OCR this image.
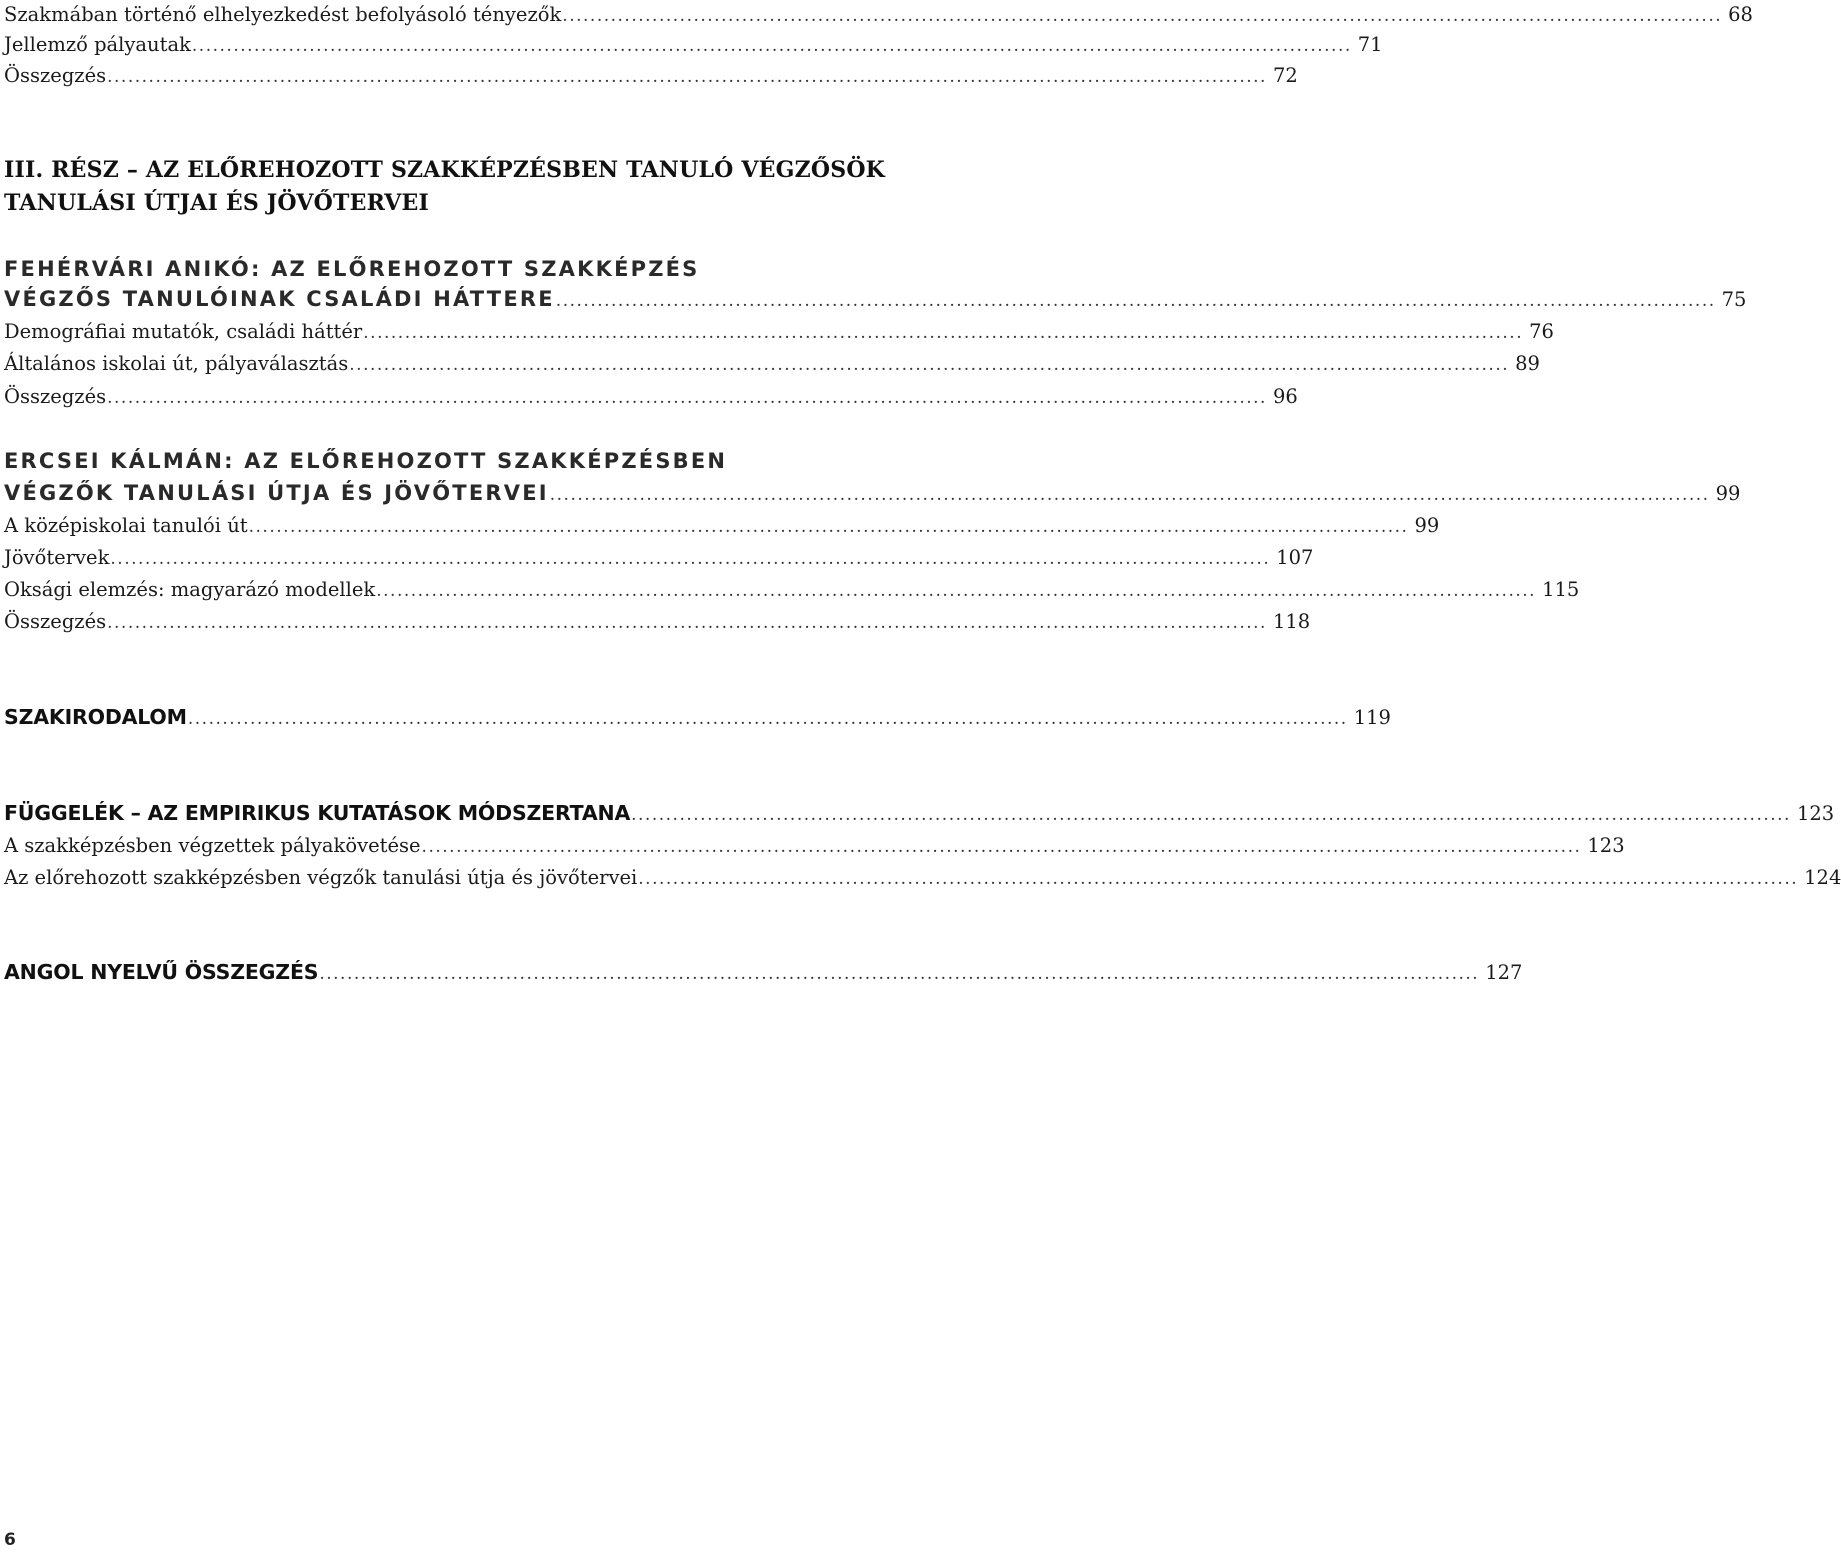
Szakmában történő elhelyezkedést befolyásoló tényezők ........................................................................................................................................................................ 68
Jellemző pályautak ........................................................................................................................................................................ 71
Összegzés ........................................................................................................................................................................ 72
III. RÉSZ – AZ ELŐREHOZOTT SZAKKÉPZÉSBEN TANULÓ VÉGZŐSÖK
TANULÁSI ÚTJAI ÉS JÖVŐTERVEI
FEHÉRVÁRI ANIKÓ: AZ ELŐREHOZOTT SZAKKÉPZÉS
VÉGZŐS TANULÓINAK CSALÁDI HÁTTERE ........................................................................................................................................................................ 75
Demográfiai mutatók, családi háttér ........................................................................................................................................................................ 76
Általános iskolai út, pályaválasztás ........................................................................................................................................................................ 89
Összegzés ........................................................................................................................................................................ 96
ERCSEI KÁLMÁN: AZ ELŐREHOZOTT SZAKKÉPZÉSBEN
VÉGZŐK TANULÁSI ÚTJA ÉS JÖVŐTERVEI ........................................................................................................................................................................ 99
A középiskolai tanulói út ........................................................................................................................................................................ 99
Jövőtervek ........................................................................................................................................................................ 107
Oksági elemzés: magyarázó modellek ........................................................................................................................................................................ 115
Összegzés ........................................................................................................................................................................ 118
SZAKIRODALOM ........................................................................................................................................................................ 119
FÜGGELÉK – AZ EMPIRIKUS KUTATÁSOK MÓDSZERTANA ........................................................................................................................................................................ 123
A szakképzésben végzettek pályakövetése ........................................................................................................................................................................ 123
Az előrehozott szakképzésben végzők tanulási útja és jövőtervei ........................................................................................................................................................................ 124
ANGOL NYELVŰ ÖSSZEGZÉS ........................................................................................................................................................................ 127
6
